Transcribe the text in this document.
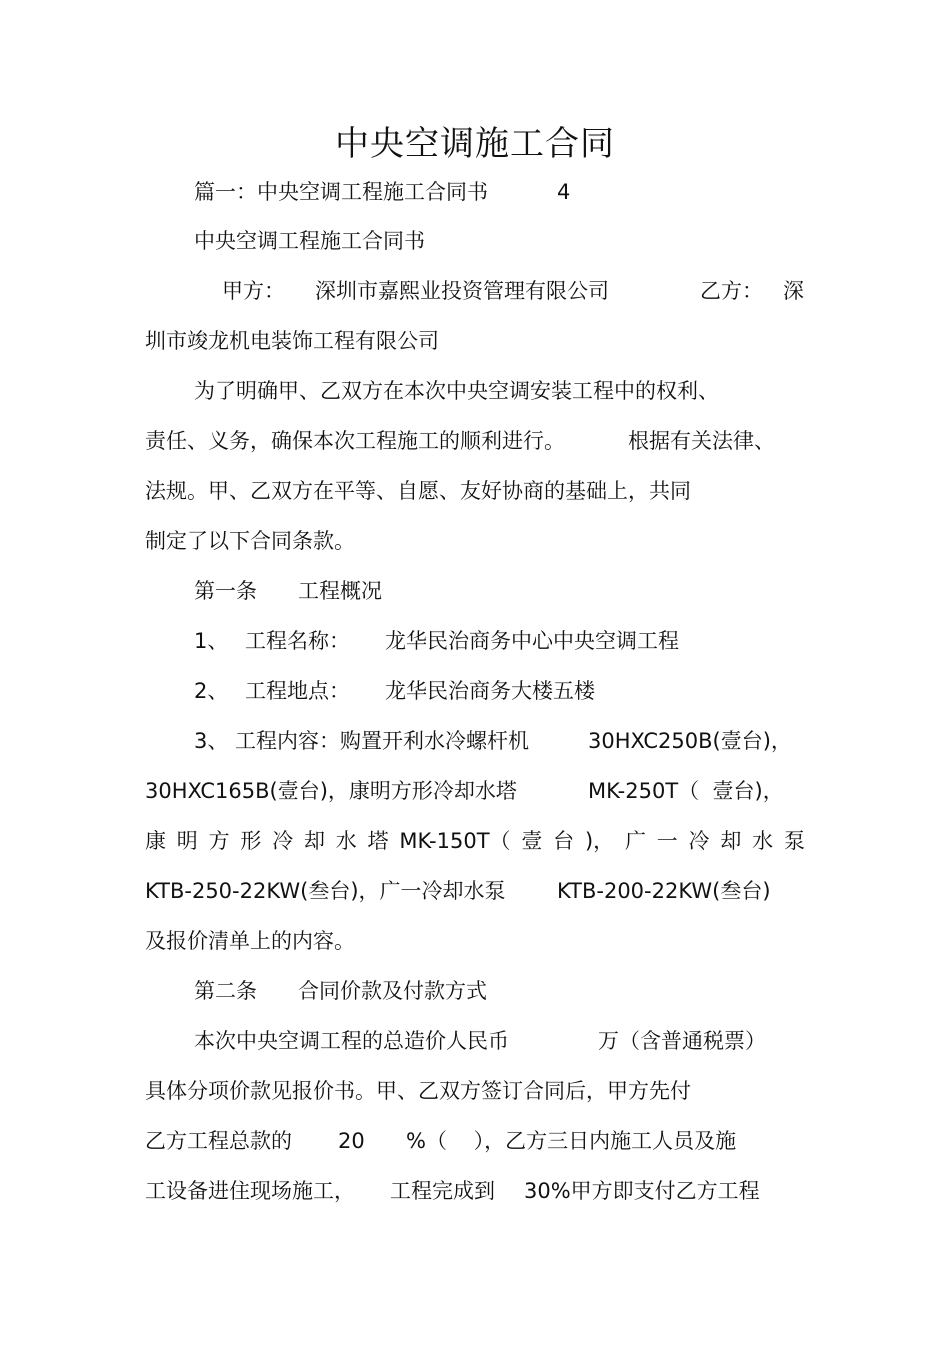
中央空调施工合同
篇一：中央空调工程施工合同书	4
中央空调工程施工合同书
甲方： 深圳市嘉熙业投资管理有限公司	乙方： 深
圳市竣龙机电装饰工程有限公司
为了明确甲、乙双方在本次中央空调安装工程中的权利、
责任、义务，确保本次工程施工的顺利进行。	根据有关法律、
法规。甲、乙双方在平等、自愿、友好协商的基础上，共同
制定了以下合同条款。
第一条 工程概况
1、 工程名称： 龙华民治商务中心中央空调工程
2、 工程地点： 龙华民治商务大楼五楼
3、 工程内容：购置开利水冷螺杆机	30HXC250B(壹台)，
30HXC165B(壹台)，康明方形冷却水塔	MK-250T（  壹台)，
康 明 方 形 冷 却 水 塔 MK-150T（ 壹 台 )， 广 一 冷 却 水 泵
KTB-250-22KW(叁台)，广一冷却水泵 KTB-200-22KW(叁台)
及报价清单上的内容。
第二条 合同价款及付款方式
本次中央空调工程的总造价人民币	万（含普通税票）
具体分项价款见报价书。甲、乙双方签订合同后，甲方先付
乙方工程总款的 20 %（    ），乙方三日内施工人员及施
工设备进住现场施工， 工程完成到 30%甲方即支付乙方工程
